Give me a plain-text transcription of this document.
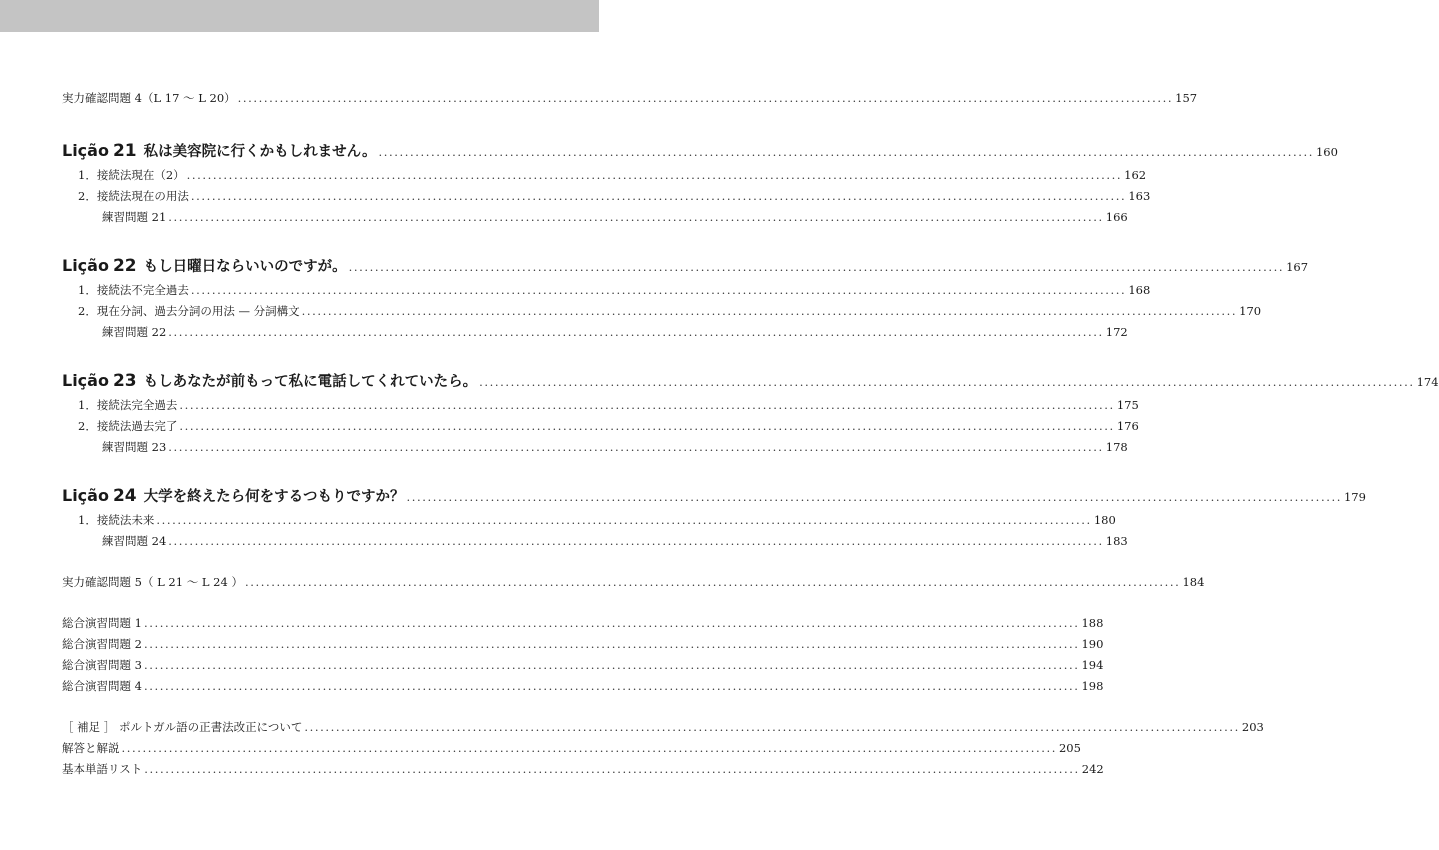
実力確認問題 4（L 17 〜 L 20） .................................................................................................................................................................................. 157
Lição 21 私は美容院に行くかもしれません。 .................................................................................................................................................................................. 160
1．接続法現在（2） .................................................................................................................................................................................. 162
2．接続法現在の用法 .................................................................................................................................................................................. 163
練習問題 21 .................................................................................................................................................................................. 166
Lição 22 もし日曜日ならいいのですが。 .................................................................................................................................................................................. 167
1．接続法不完全過去 .................................................................................................................................................................................. 168
2．現在分詞、過去分詞の用法 — 分詞構文 .................................................................................................................................................................................. 170
練習問題 22 .................................................................................................................................................................................. 172
Lição 23 もしあなたが前もって私に電話してくれていたら。 .................................................................................................................................................................................. 174
1．接続法完全過去 .................................................................................................................................................................................. 175
2．接続法過去完了 .................................................................................................................................................................................. 176
練習問題 23 .................................................................................................................................................................................. 178
Lição 24 大学を終えたら何をするつもりですか？ .................................................................................................................................................................................. 179
1．接続法未来 .................................................................................................................................................................................. 180
練習問題 24 .................................................................................................................................................................................. 183
実力確認問題 5（ L 21 〜 L 24 ） .................................................................................................................................................................................. 184
総合演習問題 1 .................................................................................................................................................................................. 188
総合演習問題 2 .................................................................................................................................................................................. 190
総合演習問題 3 .................................................................................................................................................................................. 194
総合演習問題 4 .................................................................................................................................................................................. 198
［ 補足 ］ ポルトガル語の正書法改正について .................................................................................................................................................................................. 203
解答と解説 .................................................................................................................................................................................. 205
基本単語リスト .................................................................................................................................................................................. 242
